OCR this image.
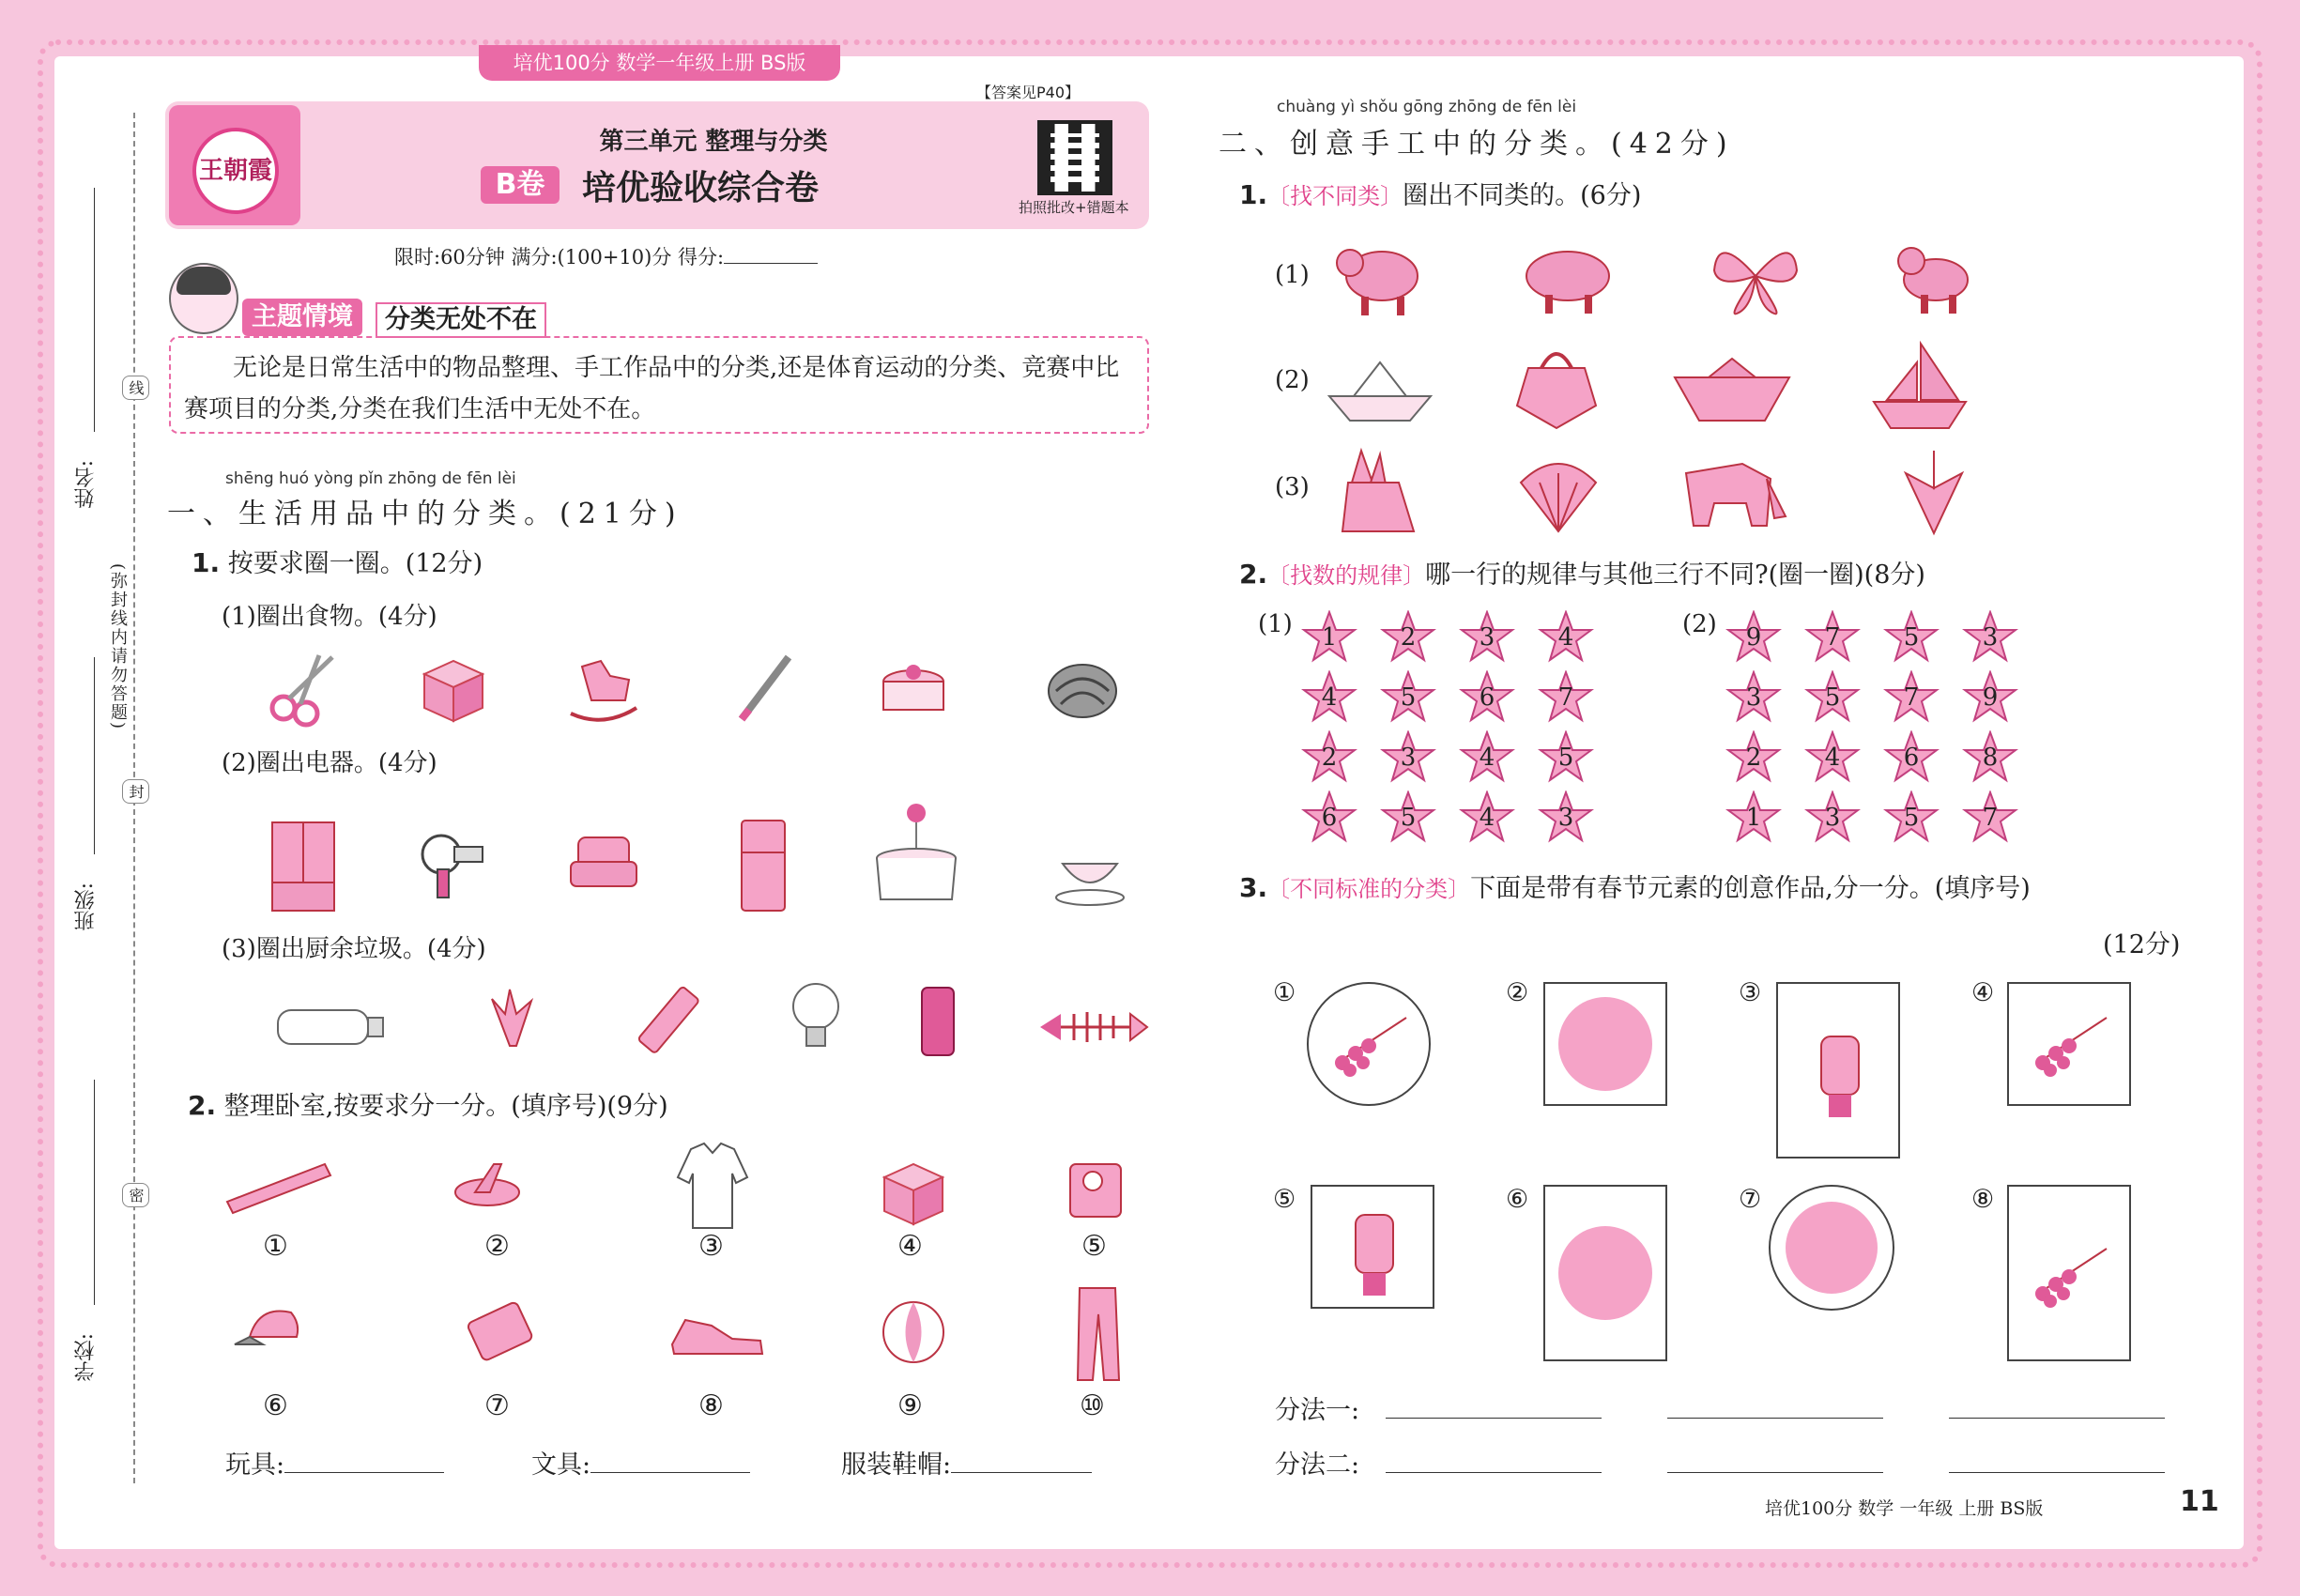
培优100分 数学一年级上册 BS版
王朝霞
第三单元 整理与分类
B卷	培优验收综合卷
【答案见P40】
拍照批改+错题本
限时:60分钟 满分:(100+10)分 得分:
姓名:
班级:
学校:
线
封
密
(弥封线内请勿答题)
主题情境	分类无处不在
无论是日常生活中的物品整理、手工作品中的分类,还是体育运动的分类、竞赛中比赛项目的分类,分类在我们生活中无处不在。
shēng huó yòng pǐn zhōng de fēn lèi
一、生活用品中的分类。(21分)
1. 按要求圈一圈。(12分)
(1)圈出食物。(4分)
(2)圈出电器。(4分)
(3)圈出厨余垃圾。(4分)
2. 整理卧室,按要求分一分。(填序号)(9分)
①	②	③	④	⑤
⑥	⑦	⑧	⑨	⑩
玩具:	文具:	服装鞋帽:
chuàng yì shǒu gōng zhōng de fēn lèi
二、创意手工中的分类。(42分)
1.〔找不同类〕圈出不同类的。(6分)
(1)
(2)
(3)
2.〔找数的规律〕哪一行的规律与其他三行不同?(圈一圈)(8分)
(1)	(2)
1	2	3	4
4	5	6	7
2	3	4	5
6	5	4	3
9	7	5	3
3	5	7	9
2	4	6	8
1	3	5	7
3.〔不同标准的分类〕下面是带有春节元素的创意作品,分一分。(填序号)
(12分)
①	②	③	④
⑤	⑥	⑦	⑧
分法一:
分法二:
培优100分 数学 一年级 上册 BS版	11
